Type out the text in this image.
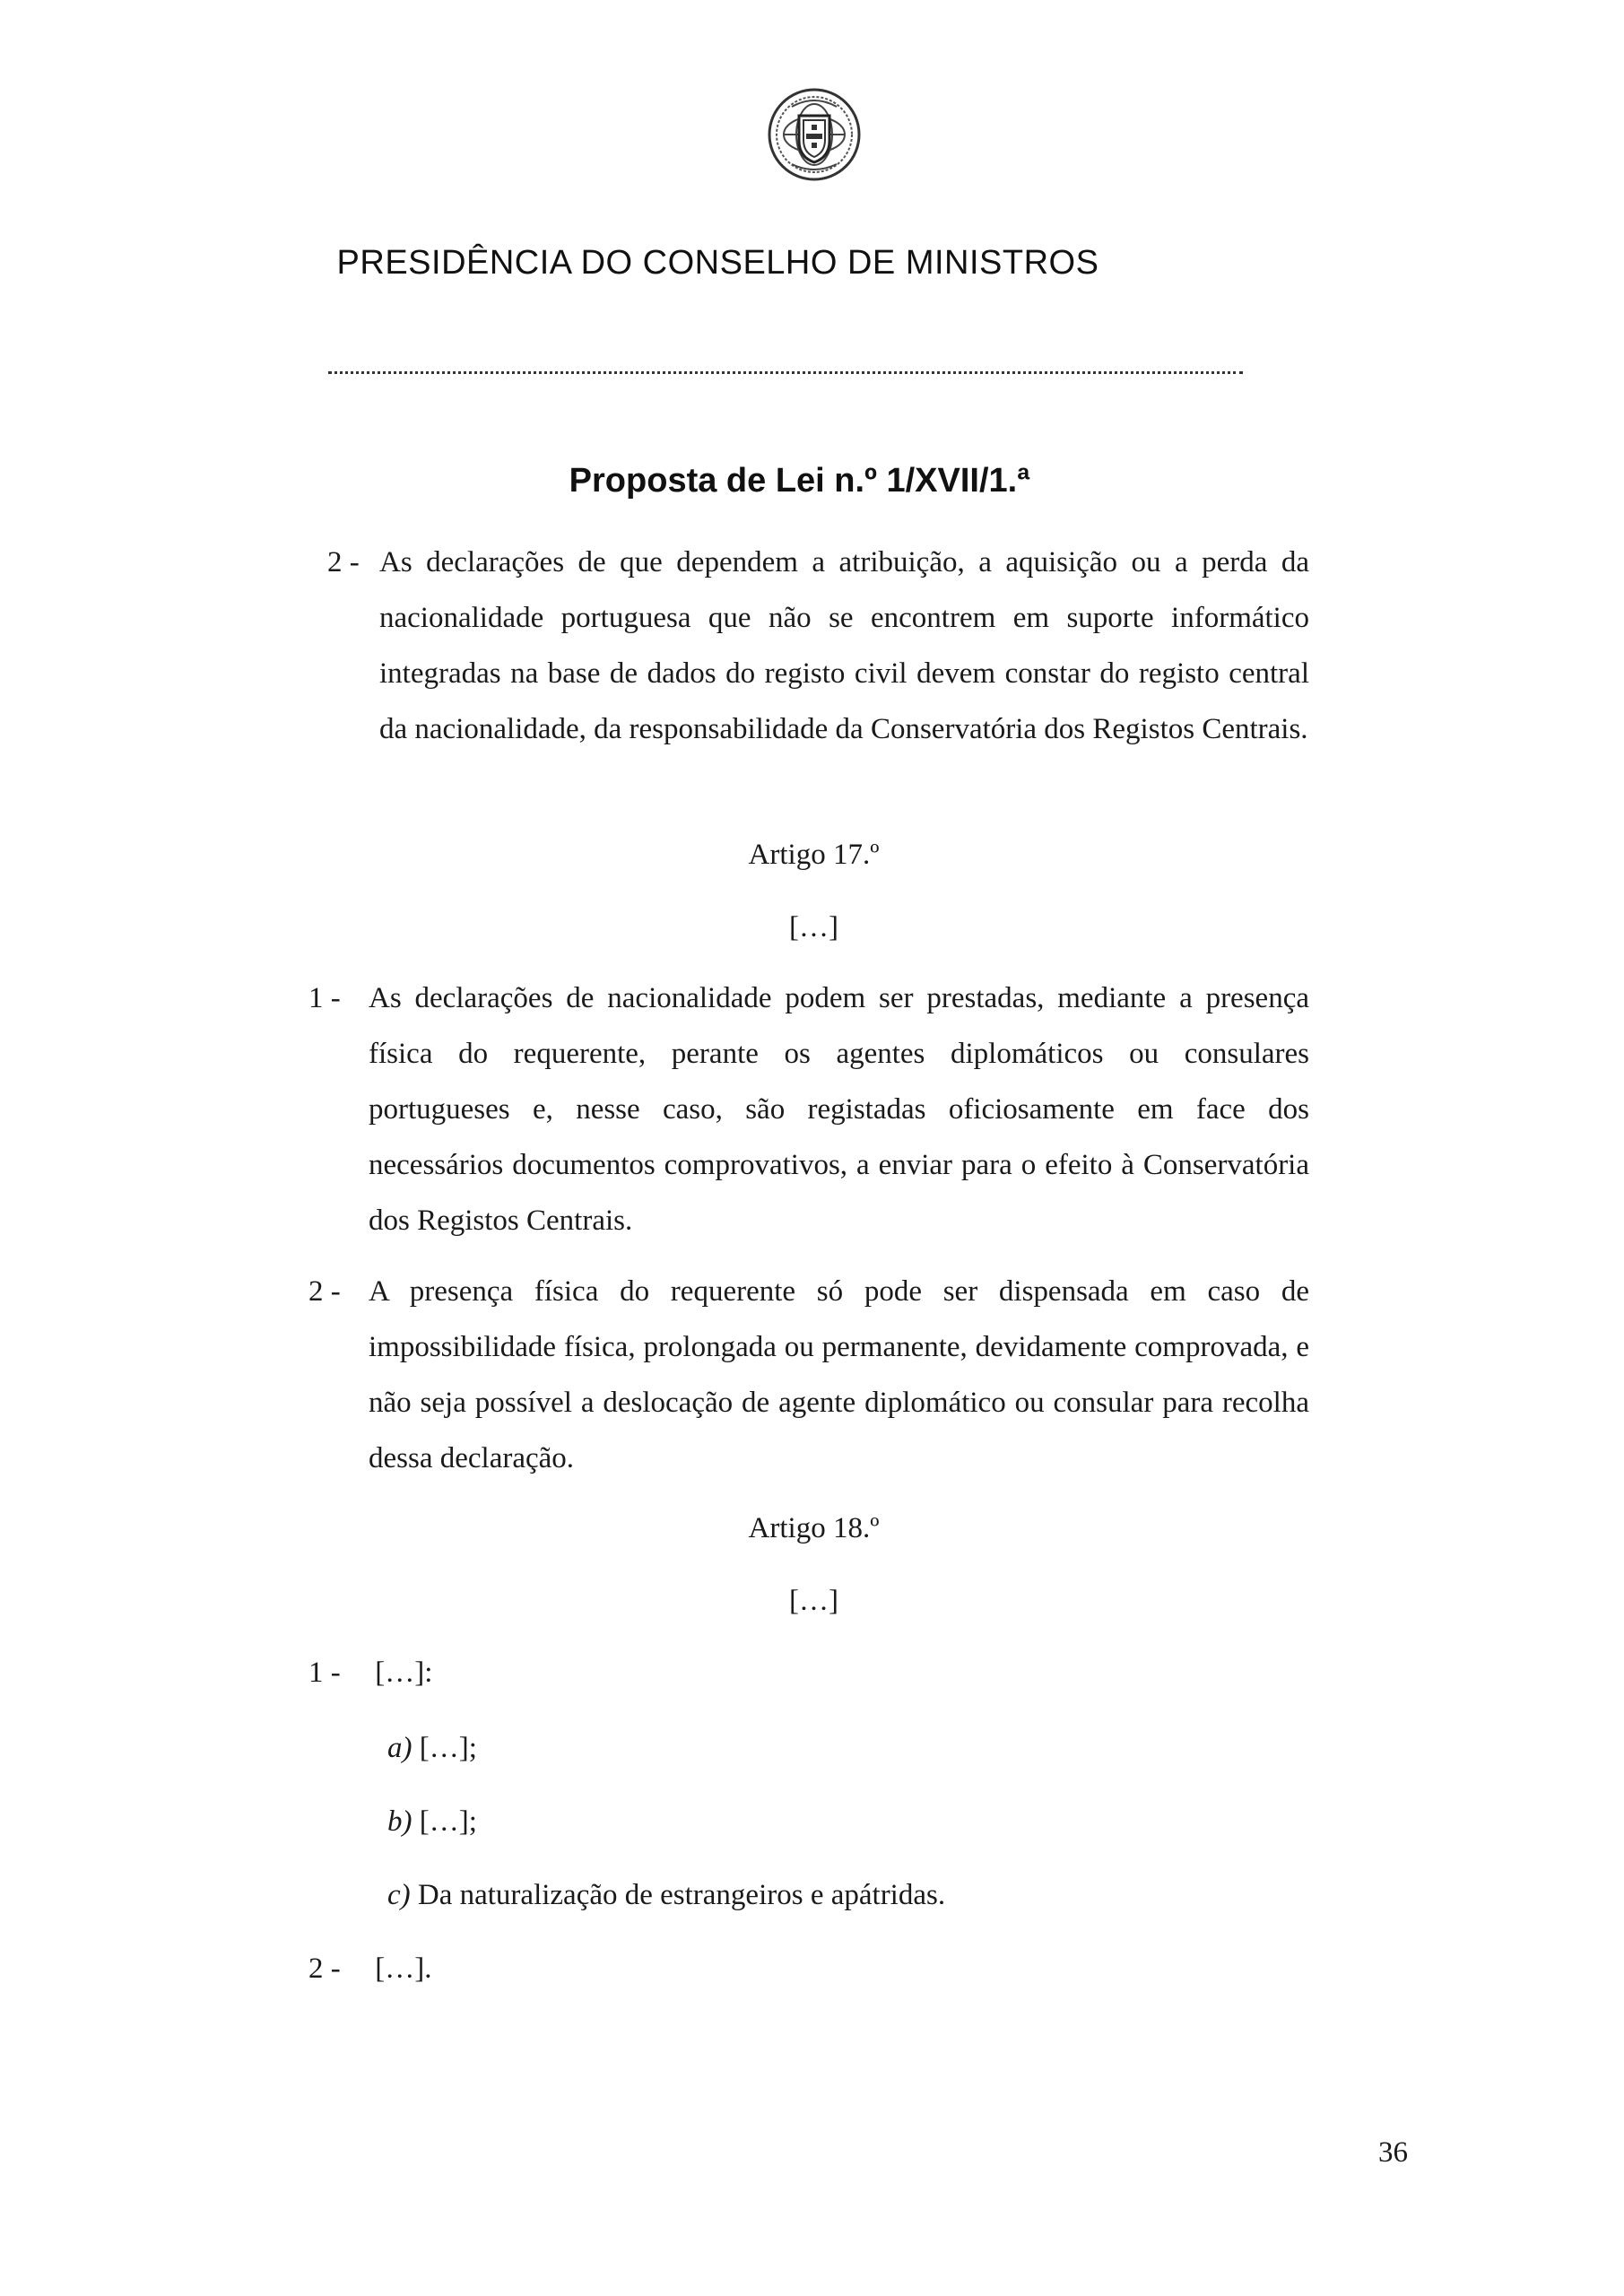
PRESIDÊNCIA DO CONSELHO DE MINISTROS
Proposta de Lei n.º 1/XVII/1.ª
2 - As declarações de que dependem a atribuição, a aquisição ou a perda da nacionalidade portuguesa que não se encontrem em suporte informático integradas na base de dados do registo civil devem constar do registo central da nacionalidade, da responsabilidade da Conservatória dos Registos Centrais.
Artigo 17.º
[…]
1 - As declarações de nacionalidade podem ser prestadas, mediante a presença física do requerente, perante os agentes diplomáticos ou consulares portugueses e, nesse caso, são registadas oficiosamente em face dos necessários documentos comprovativos, a enviar para o efeito à Conservatória dos Registos Centrais.
2 - A presença física do requerente só pode ser dispensada em caso de impossibilidade física, prolongada ou permanente, devidamente comprovada, e não seja possível a deslocação de agente diplomático ou consular para recolha dessa declaração.
Artigo 18.º
[…]
1 - […]:
a) […];
b) […];
c) Da naturalização de estrangeiros e apátridas.
2 - […].
36
